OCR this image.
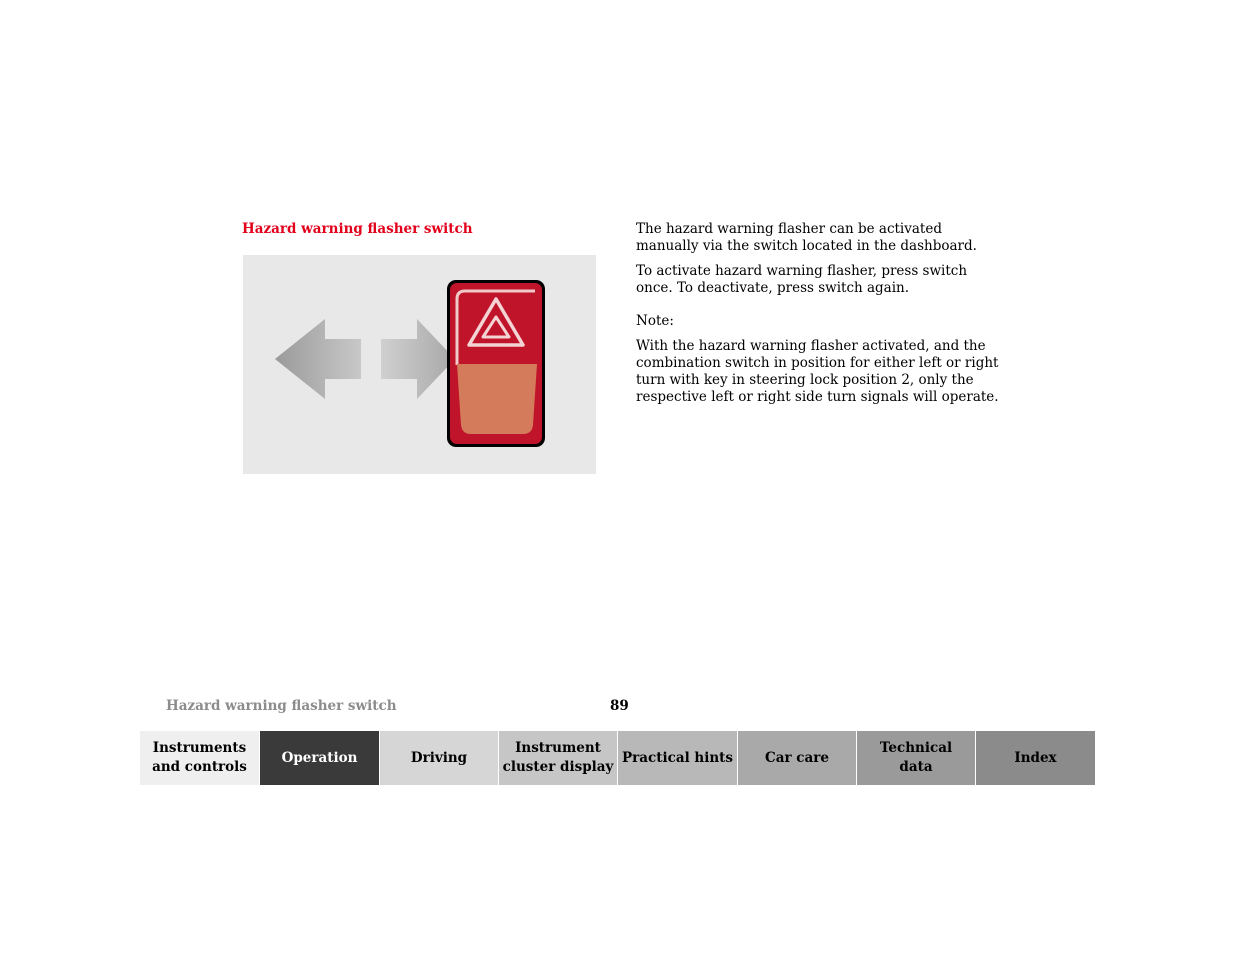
Hazard warning flasher switch	The hazard warning flasher can be activated manually via the switch located in the dashboard.

To activate hazard warning flasher, press switch once. To deactivate, press switch again.

Note:

With the hazard warning flasher activated, and the combination switch in position for either left or right turn with key in steering lock position 2, only the respective left or right side turn signals will operate.

Hazard warning flasher switch	89
Instruments
and controls
Operation	Driving
Instrument
cluster display
Practical hints	Car care
Technical
data
Index
